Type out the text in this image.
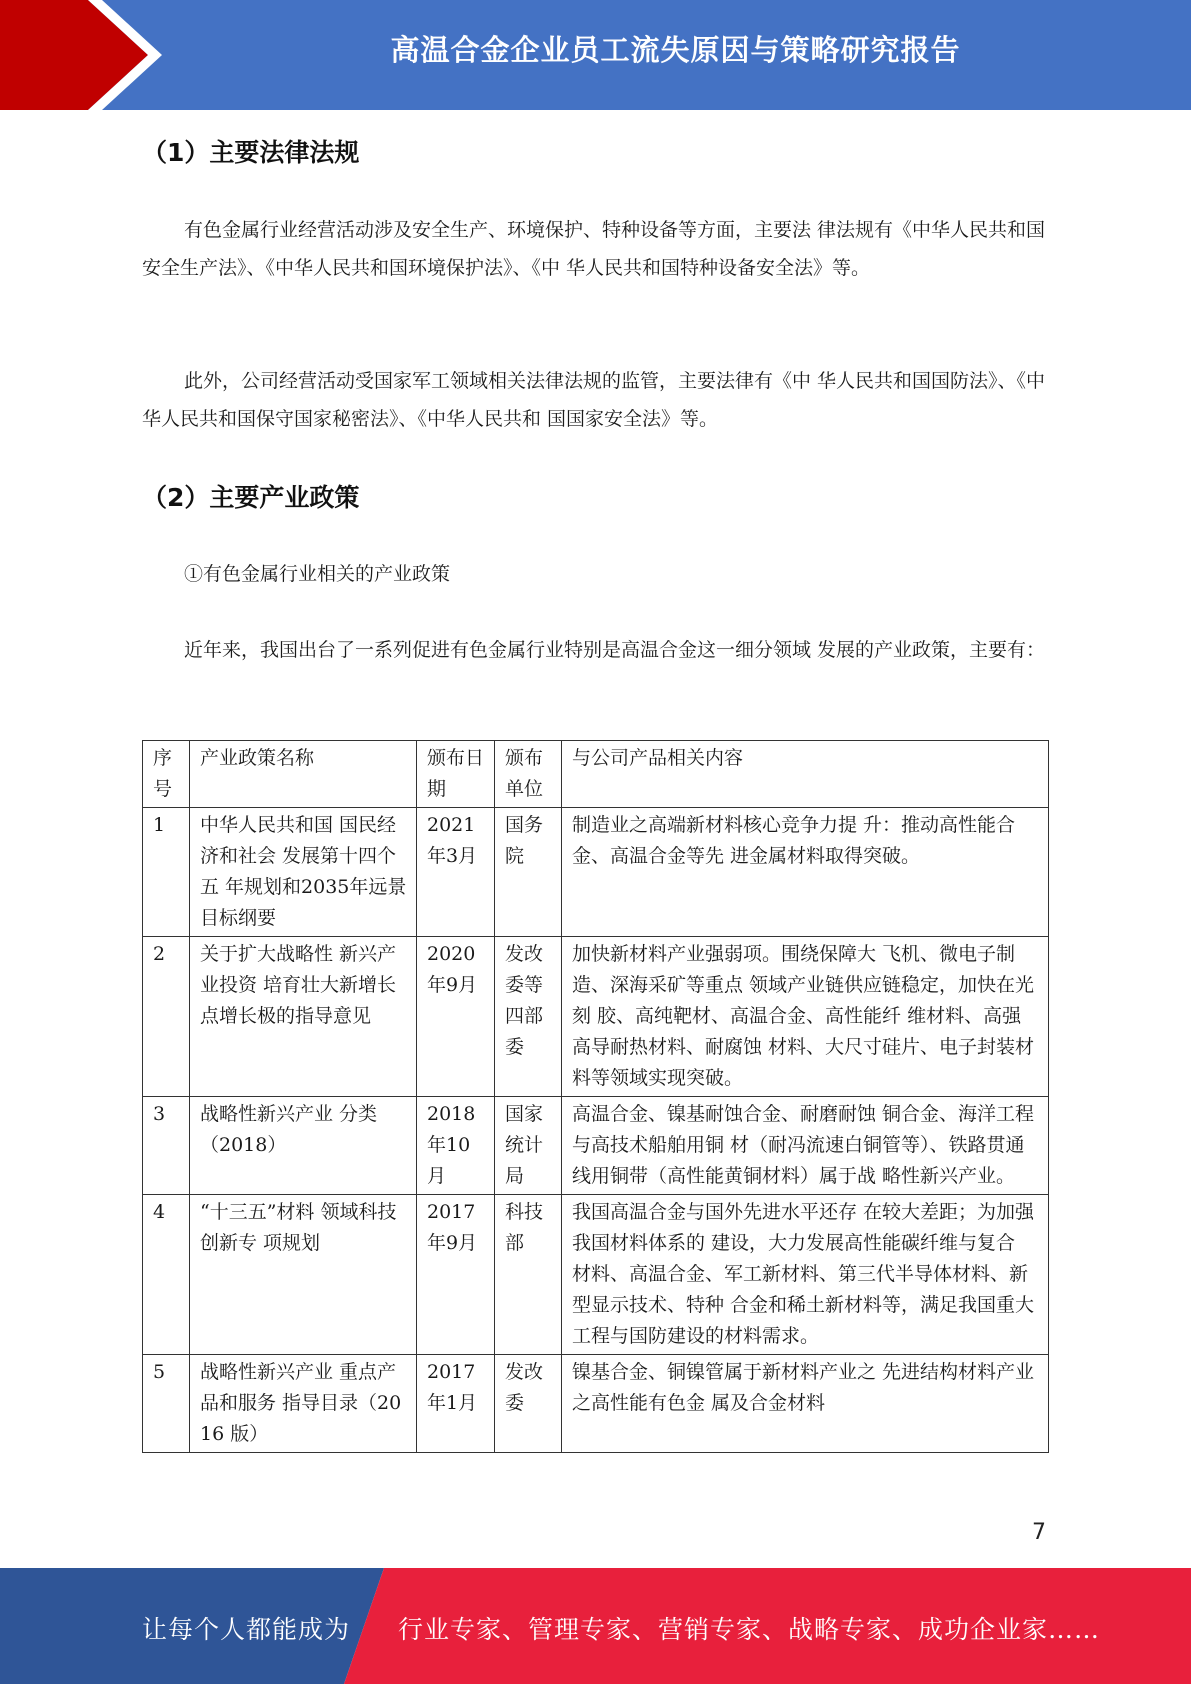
高温合金企业员工流失原因与策略研究报告
（1）主要法律法规

有色金属行业经营活动涉及安全生产、环境保护、特种设备等方面，主要法 律法规有《中华人民共和国安全生产法》、《中华人民共和国环境保护法》、《中 华人民共和国特种设备安全法》等。

此外，公司经营活动受国家军工领域相关法律法规的监管，主要法律有《中 华人民共和国国防法》、《中华人民共和国保守国家秘密法》、《中华人民共和 国国家安全法》等。

（2）主要产业政策

①有色金属行业相关的产业政策

近年来，我国出台了一系列促进有色金属行业特别是高温合金这一细分领域 发展的产业政策，主要有：

序号	产业政策名称	颁布日期	颁布单位	与公司产品相关内容
1	中华人民共和国 国民经济和社会 发展第十四个五 年规划和2035年远景目标纲要	2021年3月	国务院	制造业之高端新材料核心竞争力提 升：推动高性能合金、高温合金等先 进金属材料取得突破。
2	关于扩大战略性 新兴产业投资 培育壮大新增长 点增长极的指导意见	2020年9月	发改委等四部委	加快新材料产业强弱项。围绕保障大 飞机、微电子制造、深海采矿等重点 领域产业链供应链稳定，加快在光刻 胶、高纯靶材、高温合金、高性能纤 维材料、高强高导耐热材料、耐腐蚀 材料、大尺寸硅片、电子封装材料等领域实现突破。
3	战略性新兴产业 分类（2018）	2018年10月	国家统计局	高温合金、镍基耐蚀合金、耐磨耐蚀 铜合金、海洋工程与高技术船舶用铜 材（耐冯流速白铜管等）、铁路贯通 线用铜带（高性能黄铜材料）属于战 略性新兴产业。
4	“十三五”材料 领域科技创新专 项规划	2017年9月	科技部	我国高温合金与国外先进水平还存 在较大差距；为加强我国材料体系的 建设，大力发展高性能碳纤维与复合 材料、高温合金、军工新材料、第三代半导体材料、新型显示技术、特种 合金和稀土新材料等，满足我国重大 工程与国防建设的材料需求。
5	战略性新兴产业 重点产品和服务 指导目录（2016 版）	2017年1月	发改委	镍基合金、铜镍管属于新材料产业之 先进结构材料产业之高性能有色金 属及合金材料
7
让每个人都能成为 行业专家、管理专家、营销专家、战略专家、成功企业家……
